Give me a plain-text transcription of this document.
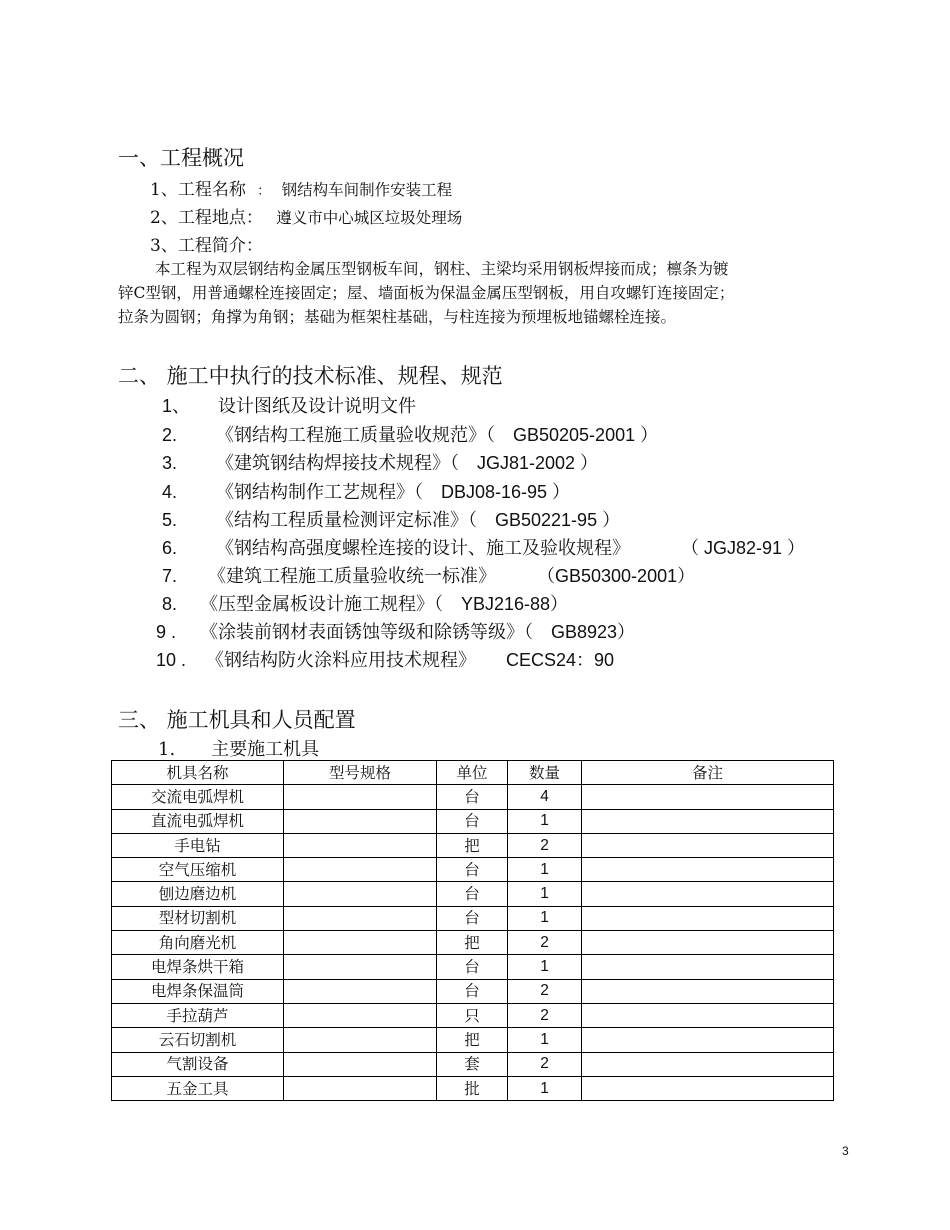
一、工程概况
1、工程名称 ： 钢结构车间制作安装工程
2、工程地点： 遵义市中心城区垃圾处理场
3、工程简介：
本工程为双层钢结构金属压型钢板车间，钢柱、主梁均采用钢板焊接而成；檩条为镀
锌C型钢，用普通螺栓连接固定；屋、墙面板为保温金属压型钢板，用自攻螺钉连接固定；
拉条为圆钢；角撑为角钢；基础为框架柱基础，与柱连接为预埋板地锚螺栓连接。
二、 施工中执行的技术标准、规程、规范
1、 设计图纸及设计说明文件
2. 《钢结构工程施工质量验收规范》（ GB50205-2001 ）
3. 《建筑钢结构焊接技术规程》（ JGJ81-2002 ）
4. 《钢结构制作工艺规程》（ DBJ08-16-95 ）
5. 《结构工程质量检测评定标准》（ GB50221-95 ）
6. 《钢结构高强度螺栓连接的设计、施工及验收规程》	（ JGJ82-91 ）
7. 《建筑工程施工质量验收统一标准》	（GB50300-2001）
8. 《压型金属板设计施工规程》（ YBJ216-88）
9 . 《涂装前钢材表面锈蚀等级和除锈等级》（ GB8923）
10 . 《钢结构防火涂料应用技术规程》 CECS24：90
三、 施工机具和人员配置
1.　　主要施工机具
机具名称	型号规格	单位	数量	备注
交流电弧焊机		台	4	
直流电弧焊机		台	1	
手电钻		把	2	
空气压缩机		台	1	
刨边磨边机		台	1	
型材切割机		台	1	
角向磨光机		把	2	
电焊条烘干箱		台	1	
电焊条保温筒		台	2	
手拉葫芦		只	2	
云石切割机		把	1	
气割设备		套	2	
五金工具		批	1	
3
